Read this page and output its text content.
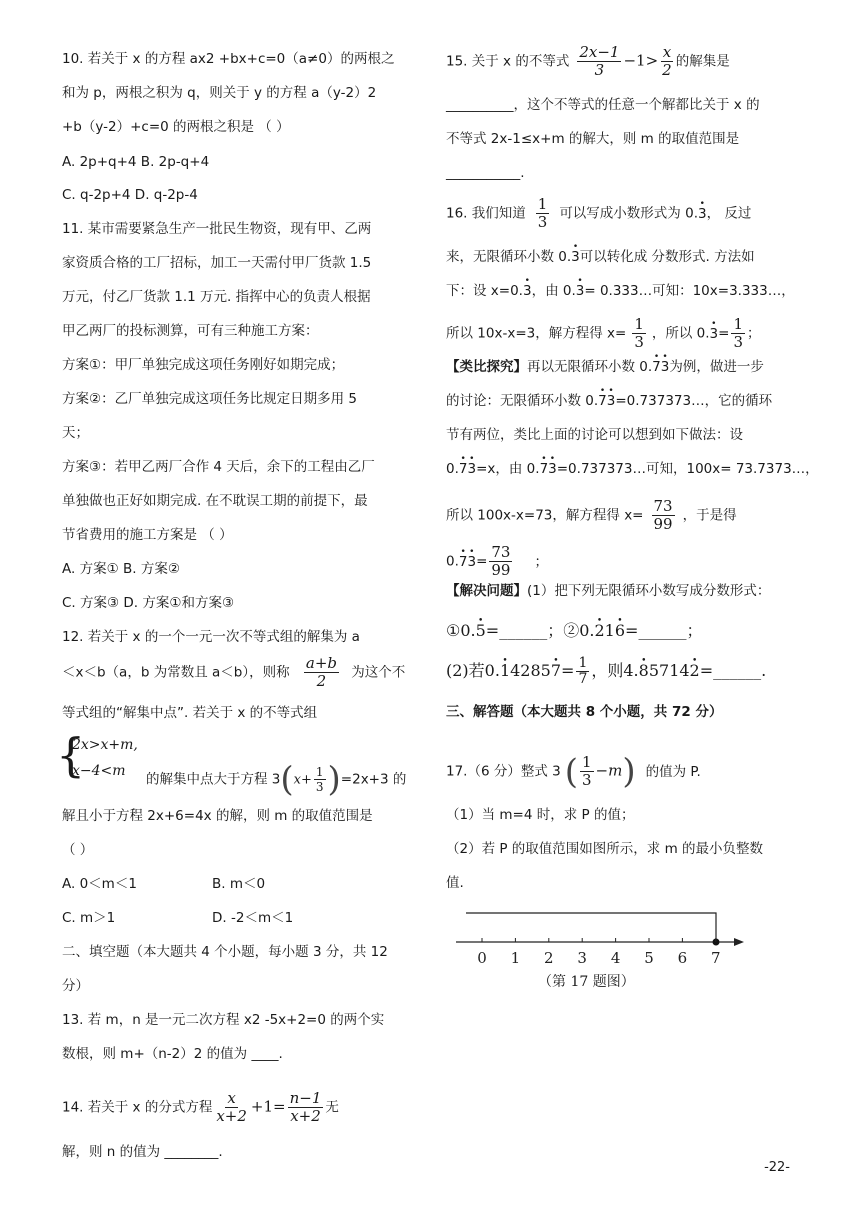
10. 若关于 x 的方程 ax2 +bx+c=0（a≠0）的两根之
和为 p，两根之积为 q，则关于 y 的方程 a（y-2）2
+b（y-2）+c=0 的两根之积是 （ ）
A. 2p+q+4 B. 2p-q+4
C. q-2p+4 D. q-2p-4
11. 某市需要紧急生产一批民生物资，现有甲、乙两
家资质合格的工厂招标，加工一天需付甲厂货款 1.5
万元，付乙厂货款 1.1 万元. 指挥中心的负责人根据
甲乙两厂的投标测算，可有三种施工方案：
方案①：甲厂单独完成这项任务刚好如期完成；
方案②：乙厂单独完成这项任务比规定日期多用 5
天；
方案③：若甲乙两厂合作 4 天后，余下的工程由乙厂
单独做也正好如期完成. 在不耽误工期的前提下，最
节省费用的施工方案是 （ ）
A. 方案① B. 方案②
C. 方案③ D. 方案①和方案③
12. 若关于 x 的一个一元一次不等式组的解集为 a
＜x＜b（a，b 为常数且 a＜b），则称 $\frac{a+b}{2}$ 为这个不
等式组的“解集中点”. 若关于 x 的不等式组
{
2x>x+m,
x−4<m
的解集中点大于方程 $3(x+ \frac{1}{3} )=2x+3$ 的
解且小于方程 2x+6=4x 的解，则 m 的取值范围是
（ ）
A. 0＜m＜1	B. m＜0
C. m＞1	D. -2＜m＜1
二、填空题（本大题共 4 个小题，每小题 3 分，共 12
分）
13. 若 m，n 是一元二次方程 x2 -5x+2=0 的两个实
数根，则 m+（n-2）2 的值为 ____.
14. 若关于 x 的分式方程 $\frac{x}{x+2} +1= \frac{n-1}{x+2}$ 无
解，则 n 的值为 ________.
15. 关于 x 的不等式 $\frac{2x-1}{3} -1> \frac{x}{2}$ 的解集是
__________，这个不等式的任意一个解都比关于 x 的
不等式 2x-1≤x+m 的解大，则 m 的取值范围是
___________.
16. 我们知道 $\frac{1}{3}$ 可以写成小数形式为 0.• 3， 反过
来，无限循环小数 0.• 3可以转化成 分数形式. 方法如
下：设 x=0.• 3，由 0.• 3= 0.333…可知：10x=3.333…，
所以 10x-x=3，解方程得 $x= \frac{1}{3}$ ，所以 0.• $3= \frac{1}{3}$ ；
【类比探究】再以无限循环小数 0.• 7• 3为例，做进一步
的讨论：无限循环小数 0.• 7• 3=0.737373…，它的循环
节有两位，类比上面的讨论可以想到如下做法：设
0.• 7• 3=x，由 0.• 7• 3=0.737373…可知，100x= 73.7373…，
所以 100x-x=73，解方程得 $x= \frac{73}{99}$ ，于是得
0.• 7• $3= \frac{73}{99}$ ；
【解决问题】(1）把下列无限循环小数写成分数形式：
①0.• 5=______；②0.• 21• 6=______；
(2)若0.• 14285• $7= \frac{1}{7}$ ，则4.• 85714• 2=______.
三、解答题（本大题共 8 个小题，共 72 分）
17.（6 分）整式 3 ( $\frac{1}{3} -m$) 的值为 P.
（1）当 m=4 时，求 P 的值；
（2）若 P 的取值范围如图所示，求 m 的最小负整数
值.
0 1 2 3 4 5 6 7
（第 17 题图）
-22-
